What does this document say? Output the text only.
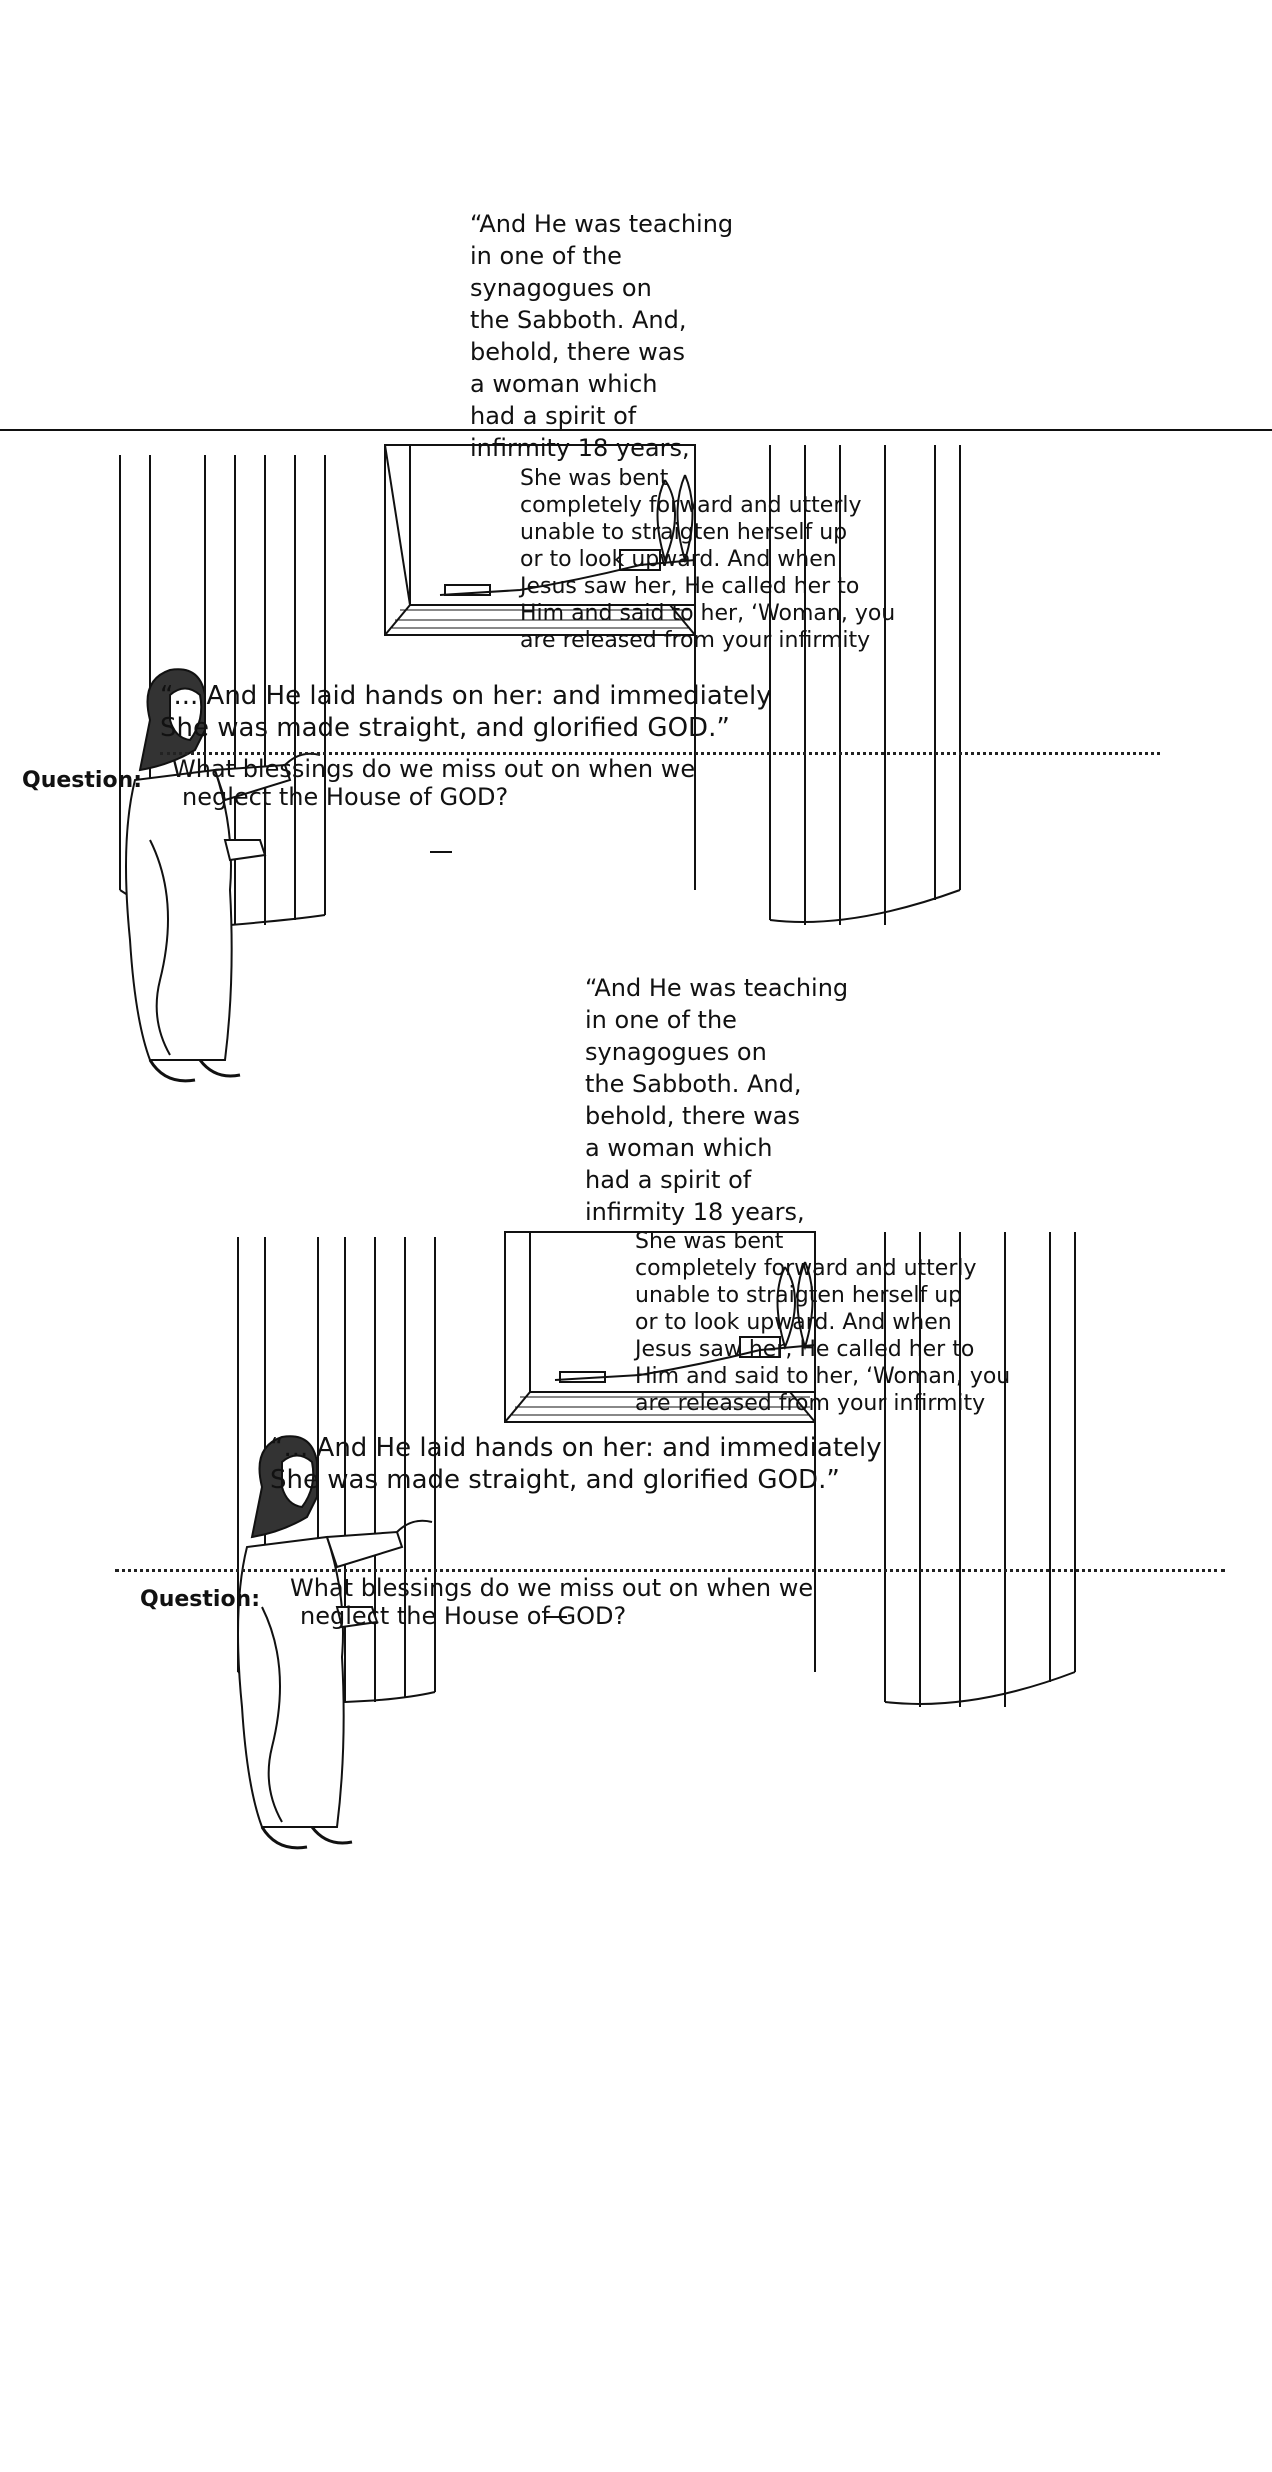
“And He was teaching
in one of the
synagogues on
the Sabboth. And,
behold, there was
a woman which
had a spirit of
infirmity 18 years,
She was bent
completely forward and utterly
unable to straigten herself up
or to look upward. And when
Jesus saw her, He called her to
Him and said to her, ‘Woman, you
are released from your infirmity
“... And He laid hands on her: and immediately
She was made straight, and glorified GOD.”
Question: What blessings do we miss out on when we
neglect the House of GOD?
“And He was teaching
in one of the
synagogues on
the Sabboth. And,
behold, there was
a woman which
had a spirit of
infirmity 18 years,
She was bent
completely forward and utterly
unable to straigten herself up
or to look upward. And when
Jesus saw her, He called her to
Him and said to her, ‘Woman, you
are released from your infirmity
“... And He laid hands on her: and immediately
She was made straight, and glorified GOD.”
Question: What blessings do we miss out on when we
neglect the House of GOD?
